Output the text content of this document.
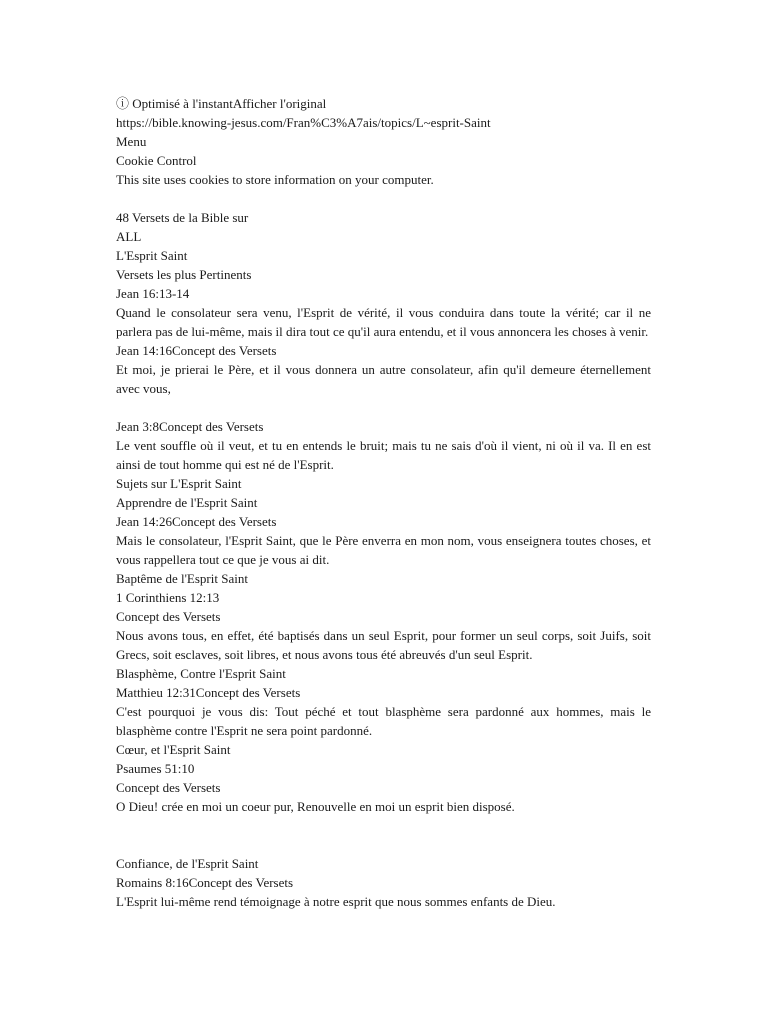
ⓘ Optimisé à l'instantAfficher l'original
https://bible.knowing-jesus.com/Fran%C3%A7ais/topics/L~esprit-Saint
Menu
Cookie Control
This site uses cookies to store information on your computer.
48 Versets de la Bible sur
ALL
L'Esprit Saint
Versets les plus Pertinents
Jean 16:13-14
Quand le consolateur sera venu, l'Esprit de vérité, il vous conduira dans toute la vérité; car il ne parlera pas de lui-même, mais il dira tout ce qu'il aura entendu, et il vous annoncera les choses à venir.
Jean 14:16Concept des Versets
Et moi, je prierai le Père, et il vous donnera un autre consolateur, afin qu'il demeure éternellement avec vous,
Jean 3:8Concept des Versets
Le vent souffle où il veut, et tu en entends le bruit; mais tu ne sais d'où il vient, ni où il va. Il en est ainsi de tout homme qui est né de l'Esprit.
Sujets sur L'Esprit Saint
Apprendre de l'Esprit Saint
Jean 14:26Concept des Versets
Mais le consolateur, l'Esprit Saint, que le Père enverra en mon nom, vous enseignera toutes choses, et vous rappellera tout ce que je vous ai dit.
Baptême de l'Esprit Saint
1 Corinthiens 12:13
Concept des Versets
Nous avons tous, en effet, été baptisés dans un seul Esprit, pour former un seul corps, soit Juifs, soit Grecs, soit esclaves, soit libres, et nous avons tous été abreuvés d'un seul Esprit.
Blasphème, Contre l'Esprit Saint
Matthieu 12:31Concept des Versets
C'est pourquoi je vous dis: Tout péché et tout blasphème sera pardonné aux hommes, mais le blasphème contre l'Esprit ne sera point pardonné.
Cœur, et l'Esprit Saint
Psaumes 51:10
Concept des Versets
O Dieu! crée en moi un coeur pur, Renouvelle en moi un esprit bien disposé.
Confiance, de l'Esprit Saint
Romains 8:16Concept des Versets
L'Esprit lui-même rend témoignage à notre esprit que nous sommes enfants de Dieu.
